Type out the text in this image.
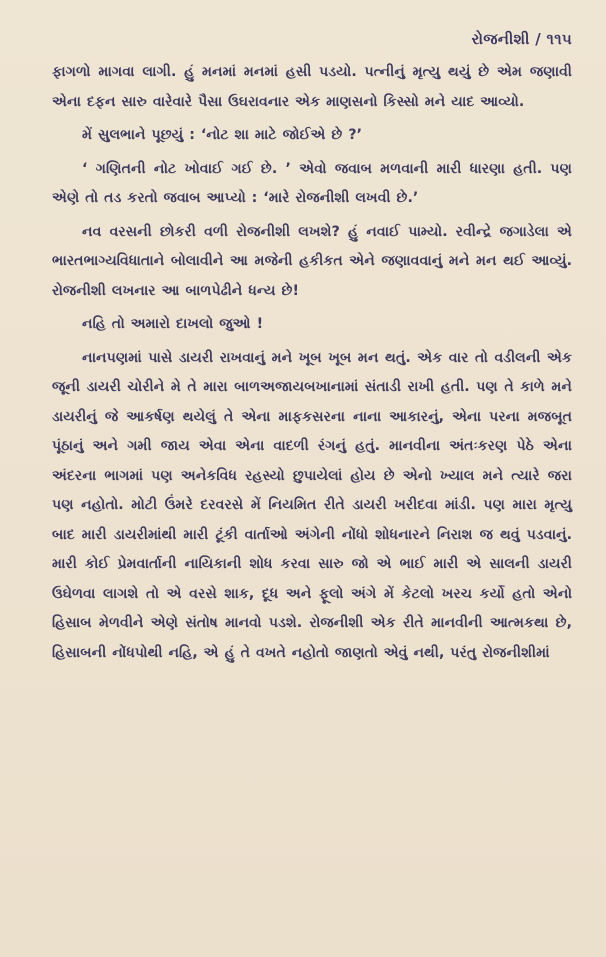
રોજનીશી / ૧૧૫

ફાગળો માગવા લાગી. હું મનમાં મનમાં હસી પડયો. પત્નીનું મૃત્યુ થયું છે એમ જણાવી એના દફન સારુ વારેવારે પૈસા ઉઘરાવનાર એક માણસનો કિસ્સો મને યાદ આવ્યો.

મેં સુલભાને પૂછયું : ‘નોટ શા માટે જોઈએ છે ?’

‘ ગણિતની નોટ ખોવાઈ ગઈ છે. ’ એવો જવાબ મળવાની મારી ધારણા હતી. પણ એણે તો તડ કરતો જવાબ આપ્યો : ‘મારે રોજનીશી લખવી છે.’

નવ વરસની છોકરી વળી રોજનીશી લખશે? હું નવાઈ પામ્યો. રવીન્દ્રે જગાડેલા એ ભારતભાગ્યવિધાતાને બોલાવીને આ મજેની હકીકત એને જણાવવાનું મને મન થઈ આવ્યું. રોજનીશી લખનાર આ બાળપેઢીને ધન્ય છે!

નહિ તો અમારો દાખલો જુઓ !

નાનપણમાં પાસે ડાયરી રાખવાનું મને ખૂબ ખૂબ મન થતું. એક વાર તો વડીલની એક જૂની ડાયરી ચોરીને મે તે મારા બાળઅજાયબખાનામાં સંતાડી રાખી હતી. પણ તે કાળે મને ડાયરીનું જે આકર્ષણ થયેલું તે એના માફકસરના નાના આકારનું, એના પરના મજબૂત પૂંઠાનું અને ગમી જાય એવા એના વાદળી રંગનું હતું. માનવીના અંતઃકરણ પેઠે એના અંદરના ભાગમાં પણ અનેકવિધ રહસ્યો છુપાયેલાં હોય છે એનો ખ્યાલ મને ત્યારે જરા પણ નહોતો. મોટી ઉંમરે દરવરસે મેં નિયમિત રીતે ડાયરી ખરીદવા માંડી. પણ મારા મૃત્યુ બાદ મારી ડાયરીમાંથી મારી ટૂંકી વાર્તાઓ અંગેની નોંધો શોધનારને નિરાશ જ થવું પડવાનું. મારી કોઈ પ્રેમવાર્તાની નાયિકાની શોધ કરવા સારુ જો એ ભાઈ મારી એ સાલની ડાયરી ઉઘેળવા લાગશે તો એ વરસે શાક, દૂધ અને ફૂલો અંગે મેં કેટલો ખરચ કર્યો હતો એનો હિસાબ મેળવીને એણે સંતોષ માનવો પડશે. રોજનીશી એક રીતે માનવીની આત્મકથા છે, હિસાબની નોંધપોથી નહિ, એ હું તે વખતે નહોતો જાણતો એવું નથી, પરંતુ રોજનીશીમાં
